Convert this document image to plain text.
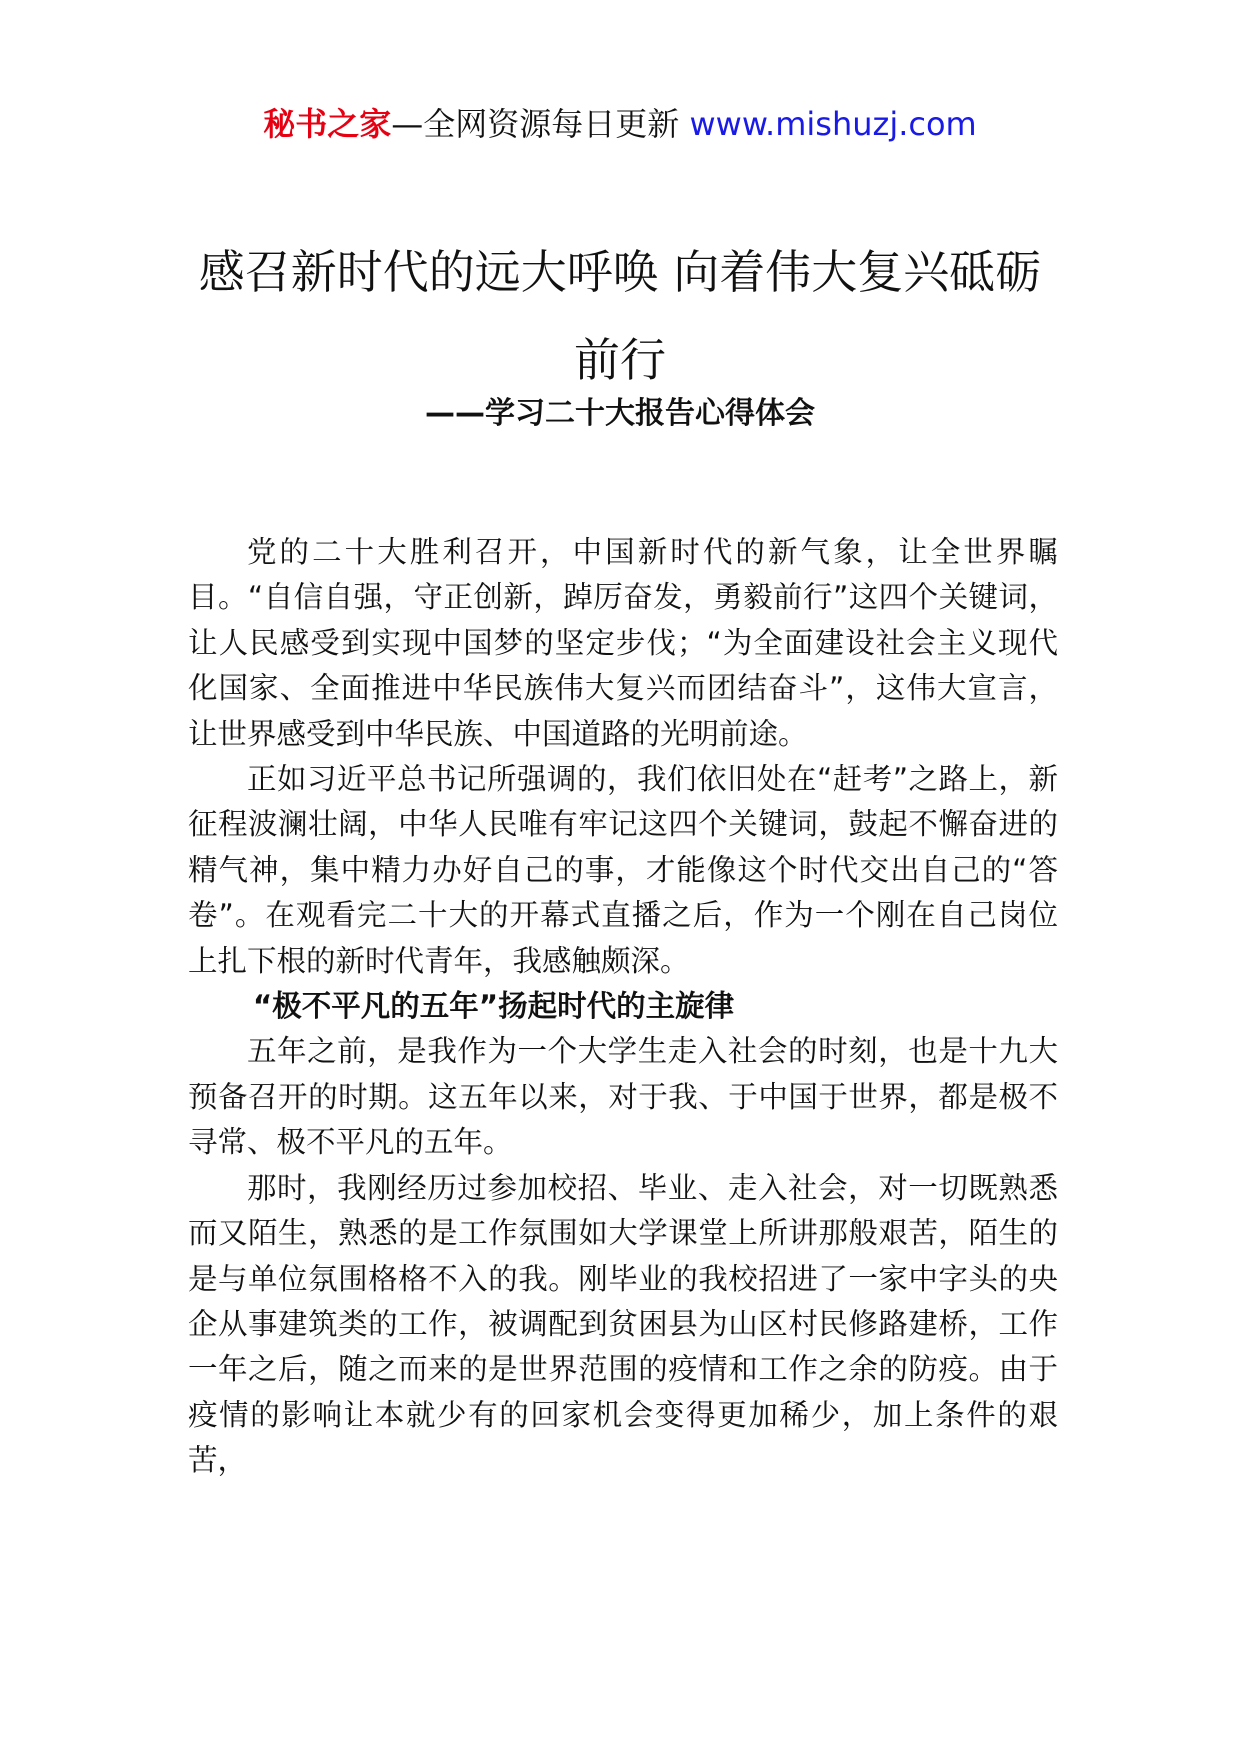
秘书之家—全网资源每日更新 www.mishuzj.com
感召新时代的远大呼唤 向着伟大复兴砥砺
前行
——学习二十大报告心得体会

党的二十大胜利召开，中国新时代的新气象，让全世界瞩目。“自信自强，守正创新，踔厉奋发，勇毅前行”这四个关键词，让人民感受到实现中国梦的坚定步伐；“为全面建设社会主义现代化国家、全面推进中华民族伟大复兴而团结奋斗”，这伟大宣言，让世界感受到中华民族、中国道路的光明前途。

正如习近平总书记所强调的，我们依旧处在“赶考”之路上，新征程波澜壮阔，中华人民唯有牢记这四个关键词，鼓起不懈奋进的精气神，集中精力办好自己的事，才能像这个时代交出自己的“答卷”。在观看完二十大的开幕式直播之后，作为一个刚在自己岗位上扎下根的新时代青年，我感触颇深。

“极不平凡的五年”扬起时代的主旋律

五年之前，是我作为一个大学生走入社会的时刻，也是十九大预备召开的时期。这五年以来，对于我、于中国于世界，都是极不寻常、极不平凡的五年。

那时，我刚经历过参加校招、毕业、走入社会，对一切既熟悉而又陌生，熟悉的是工作氛围如大学课堂上所讲那般艰苦，陌生的是与单位氛围格格不入的我。刚毕业的我校招进了一家中字头的央企从事建筑类的工作，被调配到贫困县为山区村民修路建桥，工作一年之后，随之而来的是世界范围的疫情和工作之余的防疫。由于疫情的影响让本就少有的回家机会变得更加稀少，加上条件的艰苦，
